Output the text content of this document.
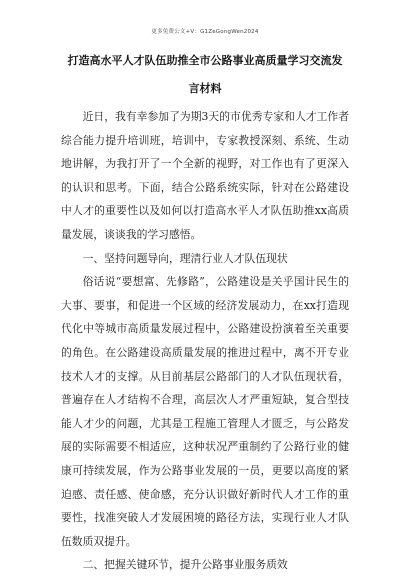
更多免费公文+V：G1ZeGongWen2024
打造高水平人才队伍助推全市公路事业高质量学习交流发
言材料

近日，我有幸参加了为期3天的市优秀专家和人才工作者综合能力提升培训班，培训中，专家教授深刻、系统、生动地讲解，为我打开了一个全新的视野，对工作也有了更深入的认识和思考。下面，结合公路系统实际，针对在公路建设中人才的重要性以及如何以打造高水平人才队伍助推xx高质量发展，谈谈我的学习感悟。

一、坚持问题导向，理清行业人才队伍现状

俗话说“要想富、先修路”，公路建设是关乎国计民生的大事、要事，和促进一个区域的经济发展动力，在xx打造现代化中等城市高质量发展过程中，公路建设扮演着至关重要的角色。在公路建设高质量发展的推进过程中，离不开专业技术人才的支撑。从目前基层公路部门的人才队伍现状看，普遍存在人才结构不合理，高层次人才严重短缺，复合型技能人才少的问题，尤其是工程施工管理人才匮乏，与公路发展的实际需要不相适应，这种状况严重制约了公路行业的健康可持续发展，作为公路事业发展的一员，更要以高度的紧迫感、责任感、使命感，充分认识做好新时代人才工作的重要性，找准突破人才发展困境的路径方法，实现行业人才队伍数质双提升。

二、把握关键环节，提升公路事业服务质效
